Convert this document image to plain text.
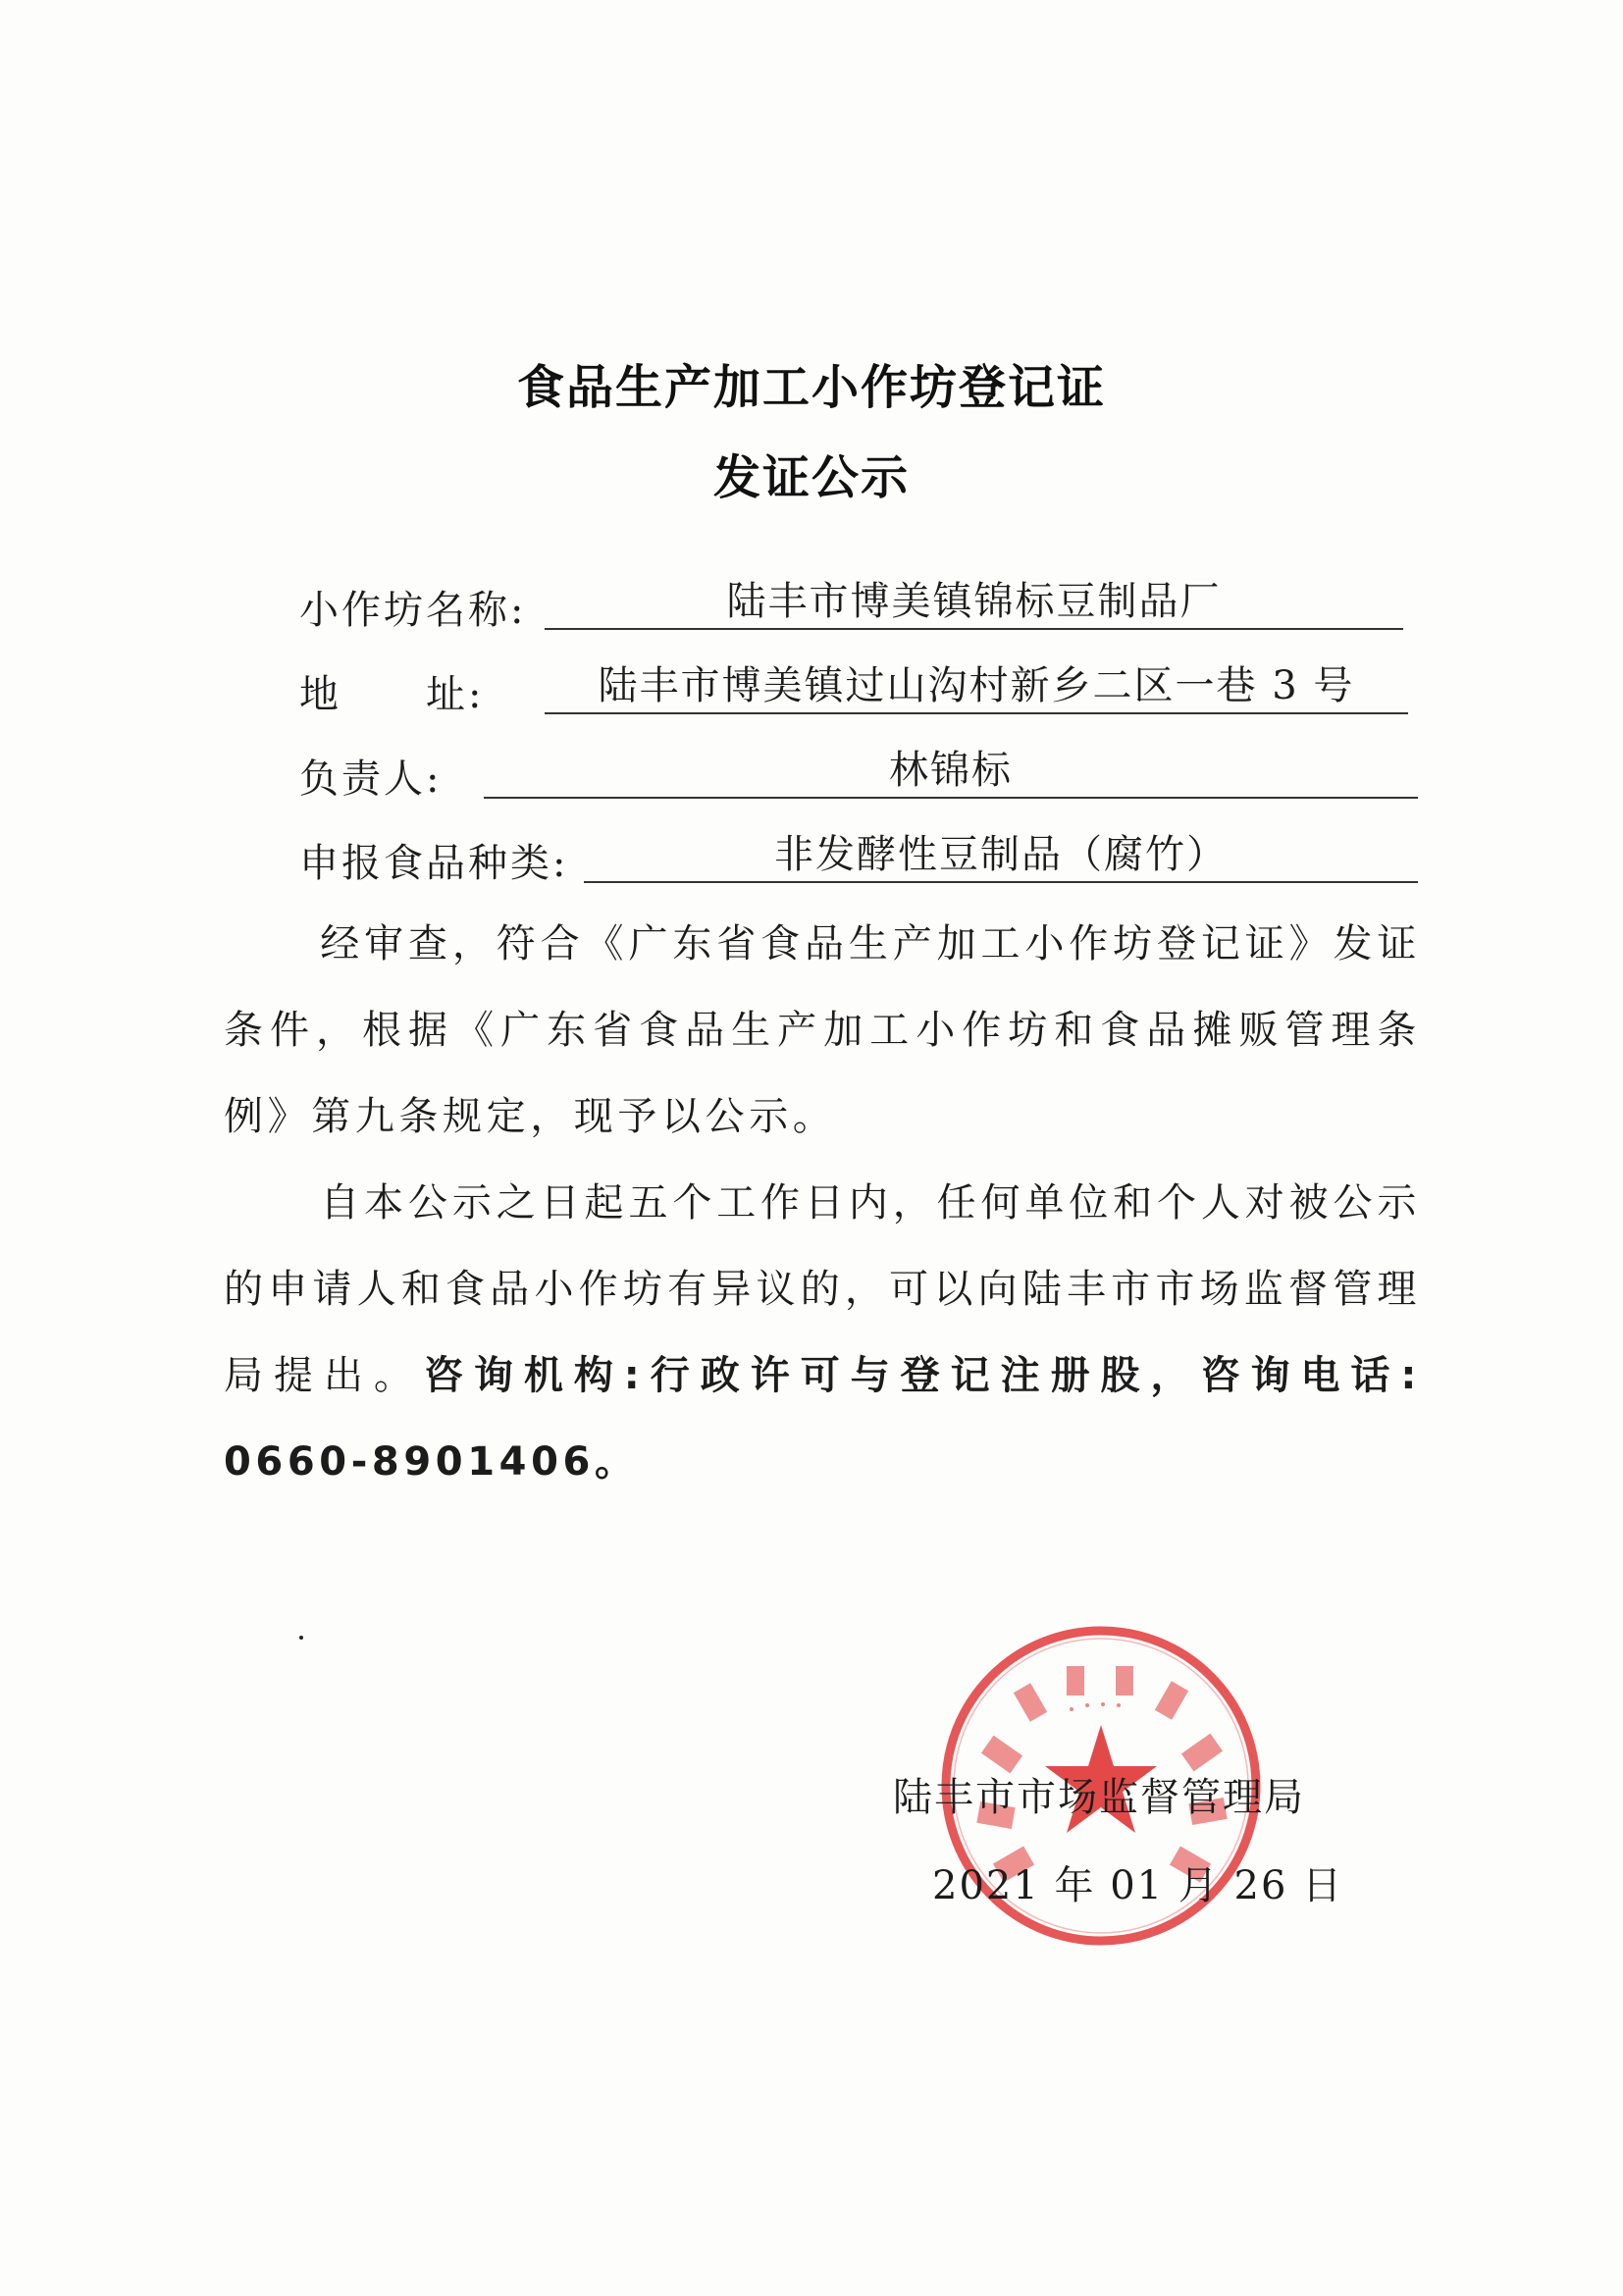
食品生产加工小作坊登记证
发证公示
小作坊名称:	陆丰市博美镇锦标豆制品厂
地　　址:	陆丰市博美镇过山沟村新乡二区一巷 3 号
负责人:	林锦标
申报食品种类:	非发酵性豆制品（腐竹）
经审查，符合《广东省食品生产加工小作坊登记证》发证条件，根据《广东省食品生产加工小作坊和食品摊贩管理条例》第九条规定，现予以公示。
自本公示之日起五个工作日内，任何单位和个人对被公示的申请人和食品小作坊有异议的，可以向陆丰市市场监督管理局提出。咨询机构:行政许可与登记注册股，咨询电话: 0660-8901406。
陆丰市市场监督管理局
2021 年 01 月 26 日
